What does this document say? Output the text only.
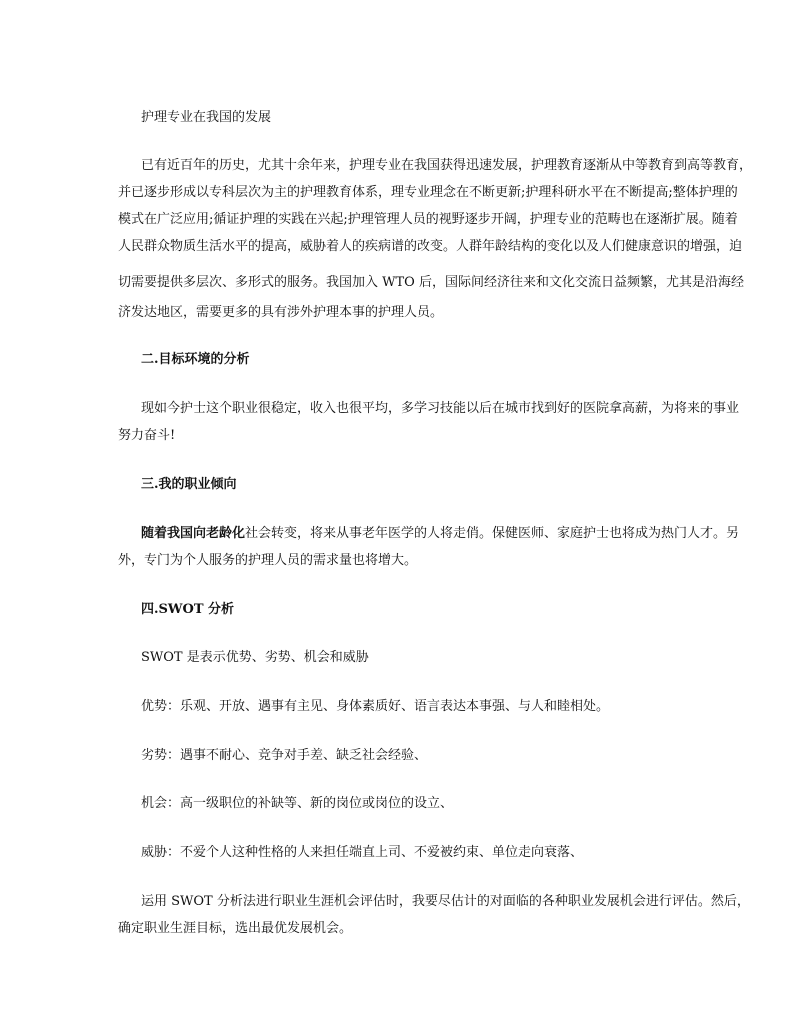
护理专业在我国的发展
已有近百年的历史，尤其十余年来，护理专业在我国获得迅速发展，护理教育逐渐从中等教育到高等教育，
并已逐步形成以专科层次为主的护理教育体系，理专业理念在不断更新;护理科研水平在不断提高;整体护理的
模式在广泛应用;循证护理的实践在兴起;护理管理人员的视野逐步开阔，护理专业的范畴也在逐渐扩展。随着
人民群众物质生活水平的提高，威胁着人的疾病谱的改变。人群年龄结构的变化以及人们健康意识的增强，迫
切需要提供多层次、多形式的服务。我国加入 WTO 后，国际间经济往来和文化交流日益频繁，尤其是沿海经
济发达地区，需要更多的具有涉外护理本事的护理人员。
二.目标环境的分析
现如今护士这个职业很稳定，收入也很平均，多学习技能以后在城市找到好的医院拿高薪，为将来的事业
努力奋斗!
三.我的职业倾向
随着我国向老龄化社会转变，将来从事老年医学的人将走俏。保健医师、家庭护士也将成为热门人才。另
外，专门为个人服务的护理人员的需求量也将增大。
四.SWOT 分析
SWOT 是表示优势、劣势、机会和威胁
优势：乐观、开放、遇事有主见、身体素质好、语言表达本事强、与人和睦相处。
劣势：遇事不耐心、竞争对手差、缺乏社会经验、
机会：高一级职位的补缺等、新的岗位或岗位的设立、
威胁：不爱个人这种性格的人来担任端直上司、不爱被约束、单位走向衰落、
运用 SWOT 分析法进行职业生涯机会评估时，我要尽估计的对面临的各种职业发展机会进行评估。然后，
确定职业生涯目标，选出最优发展机会。
